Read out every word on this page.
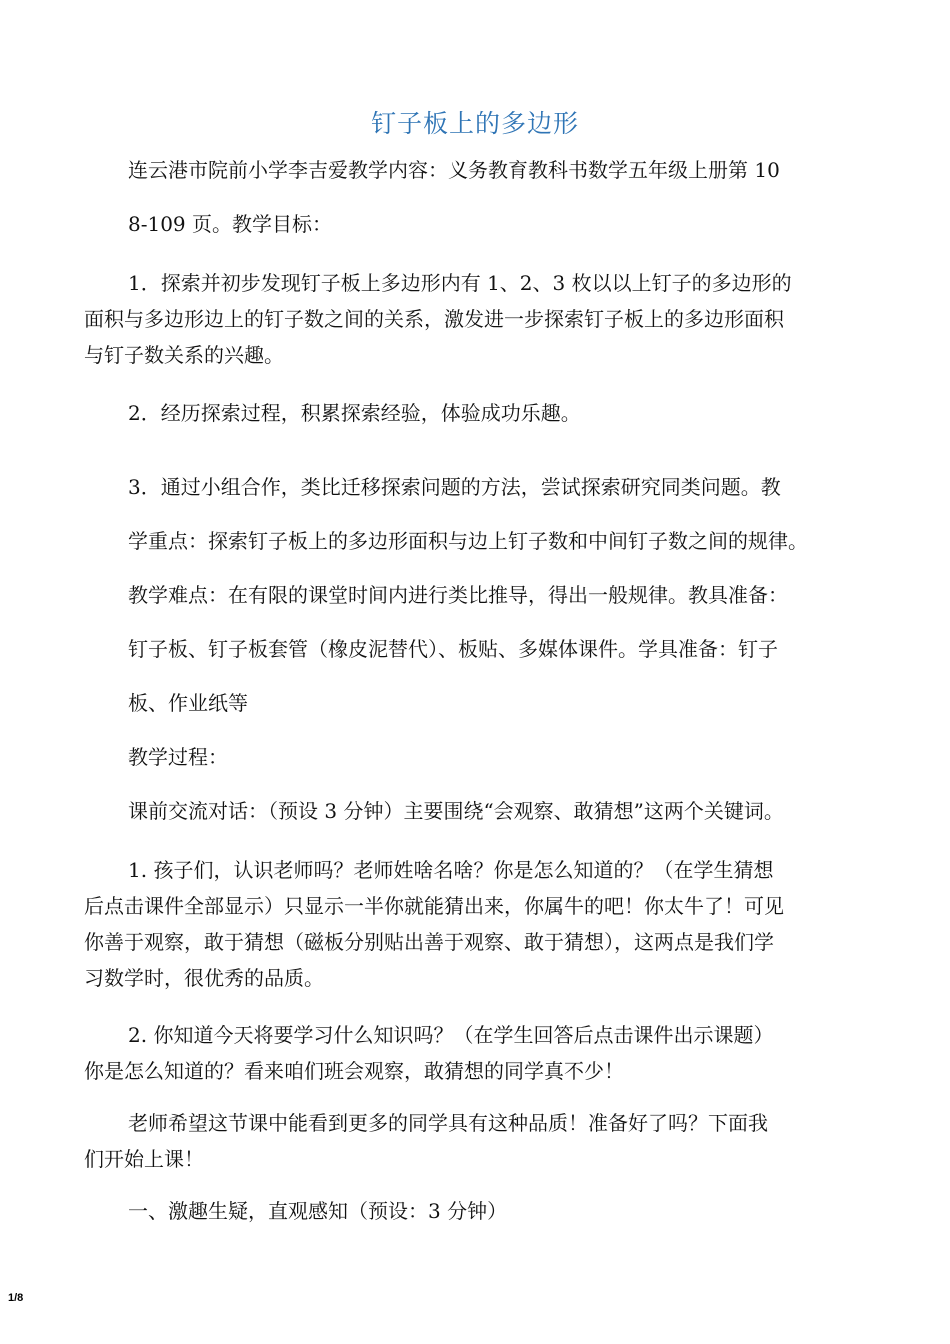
钉子板上的多边形

连云港市院前小学李吉爱教学内容：义务教育教科书数学五年级上册第 10

8-109 页。教学目标：

1．探索并初步发现钉子板上多边形内有 1、2、3 枚以以上钉子的多边形的

面积与多边形边上的钉子数之间的关系，激发进一步探索钉子板上的多边形面积

与钉子数关系的兴趣。

2．经历探索过程，积累探索经验，体验成功乐趣。

3．通过小组合作，类比迁移探索问题的方法，尝试探索研究同类问题。教

学重点：探索钉子板上的多边形面积与边上钉子数和中间钉子数之间的规律。

教学难点：在有限的课堂时间内进行类比推导，得出一般规律。教具准备：

钉子板、钉子板套管（橡皮泥替代）、板贴、多媒体课件。学具准备：钉子

板、作业纸等

教学过程：

课前交流对话：（预设 3 分钟）主要围绕“会观察、敢猜想”这两个关键词。

1. 孩子们，认识老师吗？老师姓啥名啥？你是怎么知道的？（在学生猜想

后点击课件全部显示）只显示一半你就能猜出来，你属牛的吧！你太牛了！可见

你善于观察，敢于猜想（磁板分别贴出善于观察、敢于猜想），这两点是我们学

习数学时，很优秀的品质。

2. 你知道今天将要学习什么知识吗？（在学生回答后点击课件出示课题）

你是怎么知道的？看来咱们班会观察，敢猜想的同学真不少！

老师希望这节课中能看到更多的同学具有这种品质！准备好了吗？下面我

们开始上课！

一、激趣生疑，直观感知（预设：3 分钟）

1/8
